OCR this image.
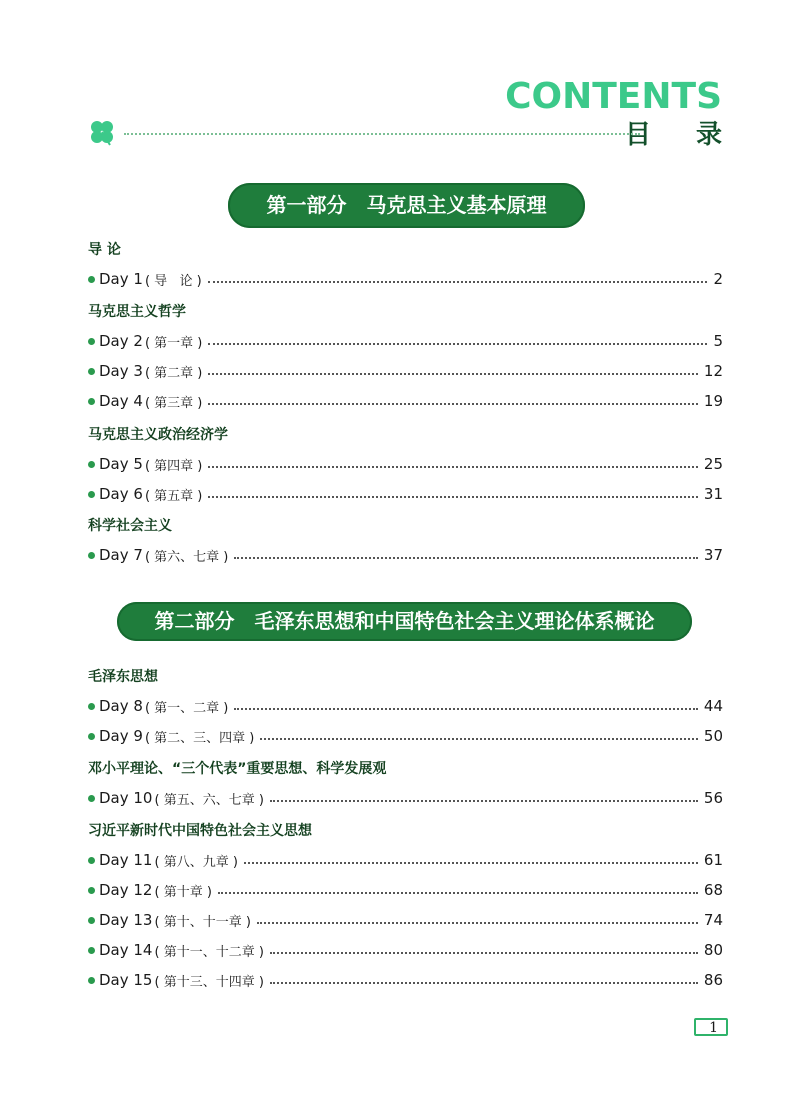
CONTENTS
目 录
第一部分　马克思主义基本原理
第二部分　毛泽东思想和中国特色社会主义理论体系概论
导 论
Day 1 ( 导   论 )	2
马克思主义哲学
Day 2 ( 第一章 )	5
Day 3 ( 第二章 )	12
Day 4 ( 第三章 )	19
马克思主义政治经济学
Day 5 ( 第四章 )	25
Day 6 ( 第五章 )	31
科学社会主义
Day 7 ( 第六、七章 )	37
毛泽东思想
Day 8 ( 第一、二章 )	44
Day 9 ( 第二、三、四章 )	50
邓小平理论、“三个代表”重要思想、科学发展观
Day 10 ( 第五、六、七章 )	56
习近平新时代中国特色社会主义思想
Day 11 ( 第八、九章 )	61
Day 12 ( 第十章 )	68
Day 13 ( 第十、十一章 )	74
Day 14 ( 第十一、十二章 )	80
Day 15 ( 第十三、十四章 )	86
1
